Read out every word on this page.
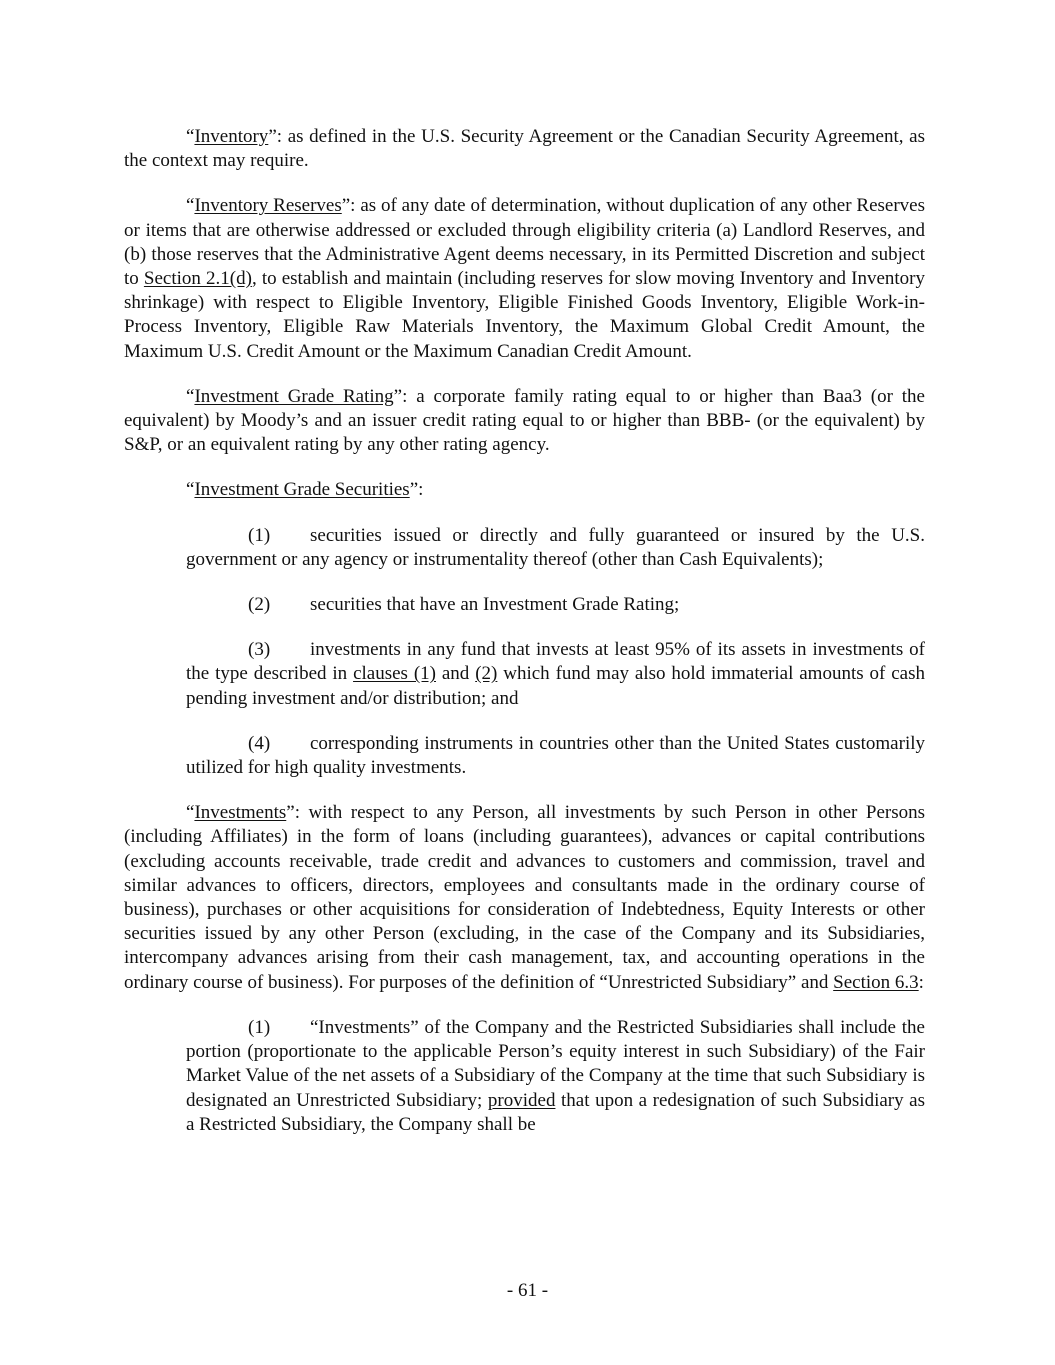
“Inventory”: as defined in the U.S. Security Agreement or the Canadian Security Agreement, as the context may require.

“Inventory Reserves”: as of any date of determination, without duplication of any other Reserves or items that are otherwise addressed or excluded through eligibility criteria (a) Landlord Reserves, and (b) those reserves that the Administrative Agent deems necessary, in its Permitted Discretion and subject to Section 2.1(d), to establish and maintain (including reserves for slow moving Inventory and Inventory shrinkage) with respect to Eligible Inventory, Eligible Finished Goods Inventory, Eligible Work-in-Process Inventory, Eligible Raw Materials Inventory, the Maximum Global Credit Amount, the Maximum U.S. Credit Amount or the Maximum Canadian Credit Amount.

“Investment Grade Rating”: a corporate family rating equal to or higher than Baa3 (or the equivalent) by Moody’s and an issuer credit rating equal to or higher than BBB- (or the equivalent) by S&P, or an equivalent rating by any other rating agency.

“Investment Grade Securities”:

(1) securities issued or directly and fully guaranteed or insured by the U.S. government or any agency or instrumentality thereof (other than Cash Equivalents);

(2) securities that have an Investment Grade Rating;

(3) investments in any fund that invests at least 95% of its assets in investments of the type described in clauses (1) and (2) which fund may also hold immaterial amounts of cash pending investment and/or distribution; and

(4) corresponding instruments in countries other than the United States customarily utilized for high quality investments.

“Investments”: with respect to any Person, all investments by such Person in other Persons (including Affiliates) in the form of loans (including guarantees), advances or capital contributions (excluding accounts receivable, trade credit and advances to customers and commission, travel and similar advances to officers, directors, employees and consultants made in the ordinary course of business), purchases or other acquisitions for consideration of Indebtedness, Equity Interests or other securities issued by any other Person (excluding, in the case of the Company and its Subsidiaries, intercompany advances arising from their cash management, tax, and accounting operations in the ordinary course of business). For purposes of the definition of “Unrestricted Subsidiary” and Section 6.3:

(1) “Investments” of the Company and the Restricted Subsidiaries shall include the portion (proportionate to the applicable Person’s equity interest in such Subsidiary) of the Fair Market Value of the net assets of a Subsidiary of the Company at the time that such Subsidiary is designated an Unrestricted Subsidiary; provided that upon a redesignation of such Subsidiary as a Restricted Subsidiary, the Company shall be

- 61 -
